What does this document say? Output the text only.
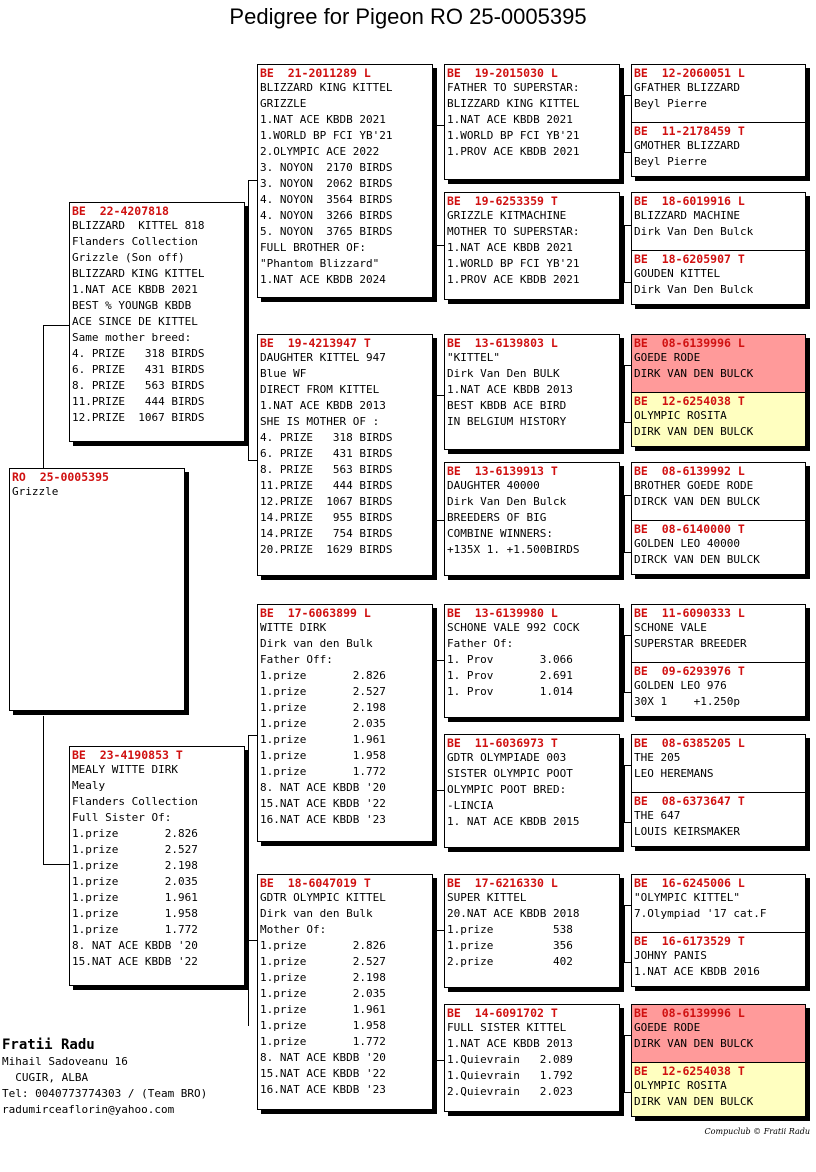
Pedigree for Pigeon RO 25-0005395
RO  25-0005395
Grizzle
BE  22-4207818
BLIZZARD  KITTEL 818
Flanders Collection
Grizzle (Son off)
BLIZZARD KING KITTEL
1.NAT ACE KBDB 2021
BEST % YOUNGB KBDB
ACE SINCE DE KITTEL
Same mother breed:
4. PRIZE   318 BIRDS
6. PRIZE   431 BIRDS
8. PRIZE   563 BIRDS
11.PRIZE   444 BIRDS
12.PRIZE  1067 BIRDS
BE  23-4190853 T
MEALY WITTE DIRK
Mealy
Flanders Collection
Full Sister Of:
1.prize       2.826
1.prize       2.527
1.prize       2.198
1.prize       2.035
1.prize       1.961
1.prize       1.958
1.prize       1.772
8. NAT ACE KBDB '20
15.NAT ACE KBDB '22
BE  21-2011289 L
BLIZZARD KING KITTEL
GRIZZLE
1.NAT ACE KBDB 2021
1.WORLD BP FCI YB'21
2.OLYMPIC ACE 2022
3. NOYON  2170 BIRDS
3. NOYON  2062 BIRDS
4. NOYON  3564 BIRDS
4. NOYON  3266 BIRDS
5. NOYON  3765 BIRDS
FULL BROTHER OF:
"Phantom Blizzard"
1.NAT ACE KBDB 2024
BE  19-4213947 T
DAUGHTER KITTEL 947
Blue WF
DIRECT FROM KITTEL
1.NAT ACE KBDB 2013
SHE IS MOTHER OF :
4. PRIZE   318 BIRDS
6. PRIZE   431 BIRDS
8. PRIZE   563 BIRDS
11.PRIZE   444 BIRDS
12.PRIZE  1067 BIRDS
14.PRIZE   955 BIRDS
14.PRIZE   754 BIRDS
20.PRIZE  1629 BIRDS
BE  17-6063899 L
WITTE DIRK
Dirk van den Bulk
Father Off:
1.prize       2.826
1.prize       2.527
1.prize       2.198
1.prize       2.035
1.prize       1.961
1.prize       1.958
1.prize       1.772
8. NAT ACE KBDB '20
15.NAT ACE KBDB '22
16.NAT ACE KBDB '23
BE  18-6047019 T
GDTR OLYMPIC KITTEL
Dirk van den Bulk
Mother Of:
1.prize       2.826
1.prize       2.527
1.prize       2.198
1.prize       2.035
1.prize       1.961
1.prize       1.958
1.prize       1.772
8. NAT ACE KBDB '20
15.NAT ACE KBDB '22
16.NAT ACE KBDB '23
BE  19-2015030 L
FATHER TO SUPERSTAR:
BLIZZARD KING KITTEL
1.NAT ACE KBDB 2021
1.WORLD BP FCI YB'21
1.PROV ACE KBDB 2021
BE  19-6253359 T
GRIZZLE KITMACHINE
MOTHER TO SUPERSTAR:
1.NAT ACE KBDB 2021
1.WORLD BP FCI YB'21
1.PROV ACE KBDB 2021
BE  13-6139803 L
"KITTEL"
Dirk Van Den BULK
1.NAT ACE KBDB 2013
BEST KBDB ACE BIRD
IN BELGIUM HISTORY
BE  13-6139913 T
DAUGHTER 40000
Dirk Van Den Bulck
BREEDERS OF BIG
COMBINE WINNERS:
+135X 1. +1.500BIRDS
BE  13-6139980 L
SCHONE VALE 992 COCK
Father Of:
1. Prov       3.066
1. Prov       2.691
1. Prov       1.014
BE  11-6036973 T
GDTR OLYMPIADE 003
SISTER OLYMPIC POOT
OLYMPIC POOT BRED:
-LINCIA
1. NAT ACE KBDB 2015
BE  17-6216330 L
SUPER KITTEL
20.NAT ACE KBDB 2018
1.prize         538
1.prize         356
2.prize         402
BE  14-6091702 T
FULL SISTER KITTEL
1.NAT ACE KBDB 2013
1.Quievrain   2.089
1.Quievrain   1.792
2.Quievrain   2.023
BE  12-2060051 L
GFATHER BLIZZARD
Beyl Pierre
BE  11-2178459 T
GMOTHER BLIZZARD
Beyl Pierre
BE  18-6019916 L
BLIZZARD MACHINE
Dirk Van Den Bulck
BE  18-6205907 T
GOUDEN KITTEL
Dirk Van Den Bulck
BE  08-6139996 L
GOEDE RODE
DIRK VAN DEN BULCK
BE  12-6254038 T
OLYMPIC ROSITA
DIRK VAN DEN BULCK
BE  08-6139992 L
BROTHER GOEDE RODE
DIRCK VAN DEN BULCK
BE  08-6140000 T
GOLDEN LEO 40000
DIRCK VAN DEN BULCK
BE  11-6090333 L
SCHONE VALE
SUPERSTAR BREEDER
BE  09-6293976 T
GOLDEN LEO 976
30X 1    +1.250p
BE  08-6385205 L
THE 205
LEO HEREMANS
BE  08-6373647 T
THE 647
LOUIS KEIRSMAKER
BE  16-6245006 L
"OLYMPIC KITTEL"
7.Olympiad '17 cat.F
BE  16-6173529 T
JOHNY PANIS
1.NAT ACE KBDB 2016
BE  08-6139996 L
GOEDE RODE
DIRK VAN DEN BULCK
BE  12-6254038 T
OLYMPIC ROSITA
DIRK VAN DEN BULCK
Fratii Radu
Mihail Sadoveanu 16
CUGIR, ALBA
Tel: 0040773774303 / (Team BRO)
radumirceaflorin@yahoo.com
Compuclub © Fratii Radu
